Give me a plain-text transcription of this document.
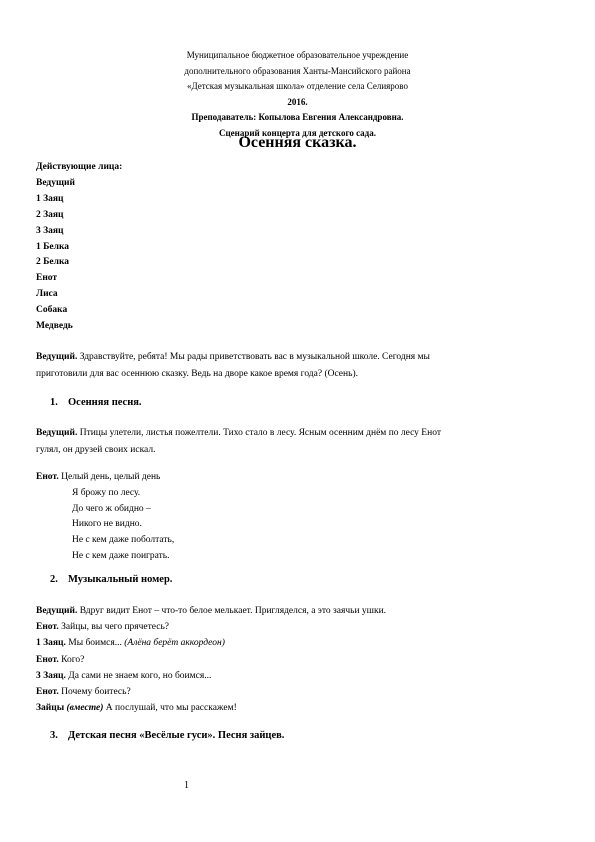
Муниципальное бюджетное образовательное учреждение
дополнительного образования Ханты-Мансийского района
«Детская музыкальная школа» отделение села Селиярово
2016.
Преподаватель: Копылова Евгения Александровна.
Сценарий концерта для детского сада.
Осенняя сказка.
Действующие лица:
Ведущий
1 Заяц
2 Заяц
3 Заяц
1 Белка
2 Белка
Енот
Лиса
Собака
Медведь
Ведущий. Здравствуйте, ребята! Мы рады приветствовать вас в музыкальной школе. Сегодня мы
приготовили для вас осеннюю сказку. Ведь на дворе какое время года? (Осень).
1. Осенняя песня.
Ведущий. Птицы улетели, листья пожелтели. Тихо стало в лесу. Ясным осенним днём по лесу Енот
гулял, он друзей своих искал.
Енот. Целый день, целый день
Я брожу по лесу.
До чего ж обидно –
Никого не видно.
Не с кем даже поболтать,
Не с кем даже поиграть.
2. Музыкальный номер.
Ведущий. Вдруг видит Енот – что-то белое мелькает. Пригляделся, а это заячьи ушки.
Енот. Зайцы, вы чего прячетесь?
1 Заяц. Мы боимся... (Алёна берёт аккордеон)
Енот. Кого?
3 Заяц. Да сами не знаем кого, но боимся...
Енот. Почему боитесь?
Зайцы (вместе) А послушай, что мы расскажем!
3. Детская песня «Весёлые гуси». Песня зайцев.
1
